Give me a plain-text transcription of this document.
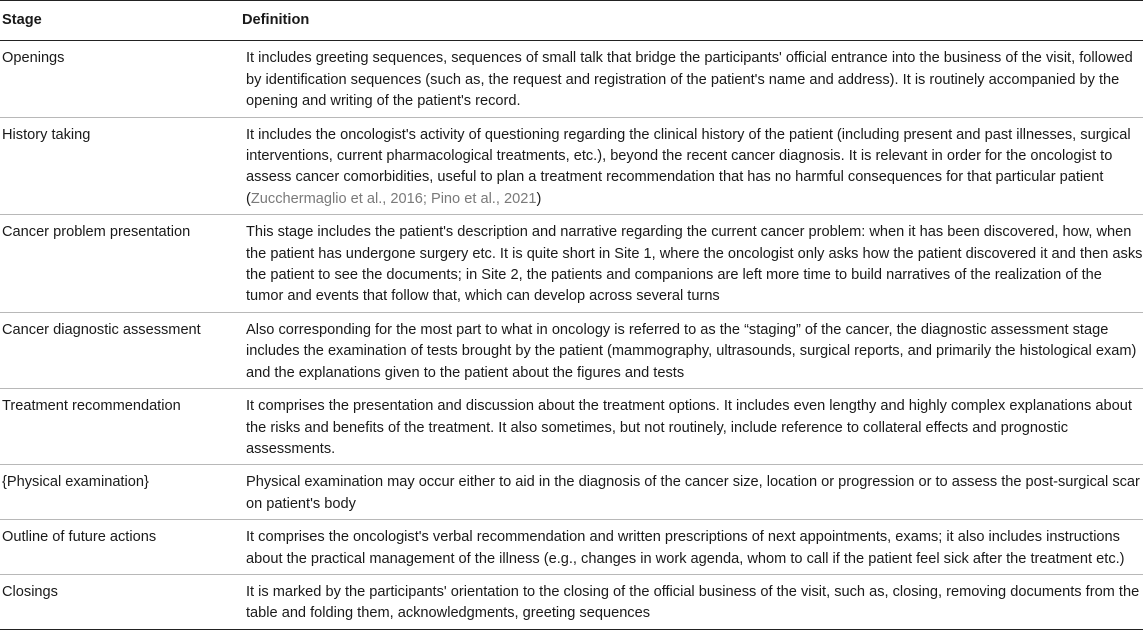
Stage	Definition
Openings	It includes greeting sequences, sequences of small talk that bridge the participants' official entrance into the business of the visit, followed by identification sequences (such as, the request and registration of the patient's name and address). It is routinely accompanied by the opening and writing of the patient's record.
History taking	It includes the oncologist's activity of questioning regarding the clinical history of the patient (including present and past illnesses, surgical interventions, current pharmacological treatments, etc.), beyond the recent cancer diagnosis. It is relevant in order for the oncologist to assess cancer comorbidities, useful to plan a treatment recommendation that has no harmful consequences for that particular patient (Zucchermaglio et al., 2016; Pino et al., 2021)
Cancer problem presentation	This stage includes the patient's description and narrative regarding the current cancer problem: when it has been discovered, how, when the patient has undergone surgery etc. It is quite short in Site 1, where the oncologist only asks how the patient discovered it and then asks the patient to see the documents; in Site 2, the patients and companions are left more time to build narratives of the realization of the tumor and events that follow that, which can develop across several turns
Cancer diagnostic assessment	Also corresponding for the most part to what in oncology is referred to as the “staging” of the cancer, the diagnostic assessment stage includes the examination of tests brought by the patient (mammography, ultrasounds, surgical reports, and primarily the histological exam) and the explanations given to the patient about the figures and tests
Treatment recommendation	It comprises the presentation and discussion about the treatment options. It includes even lengthy and highly complex explanations about the risks and benefits of the treatment. It also sometimes, but not routinely, include reference to collateral effects and prognostic assessments.
{Physical examination}	Physical examination may occur either to aid in the diagnosis of the cancer size, location or progression or to assess the post-surgical scar on patient's body
Outline of future actions	It comprises the oncologist's verbal recommendation and written prescriptions of next appointments, exams; it also includes instructions about the practical management of the illness (e.g., changes in work agenda, whom to call if the patient feel sick after the treatment etc.)
Closings	It is marked by the participants' orientation to the closing of the official business of the visit, such as, closing, removing documents from the table and folding them, acknowledgments, greeting sequences
